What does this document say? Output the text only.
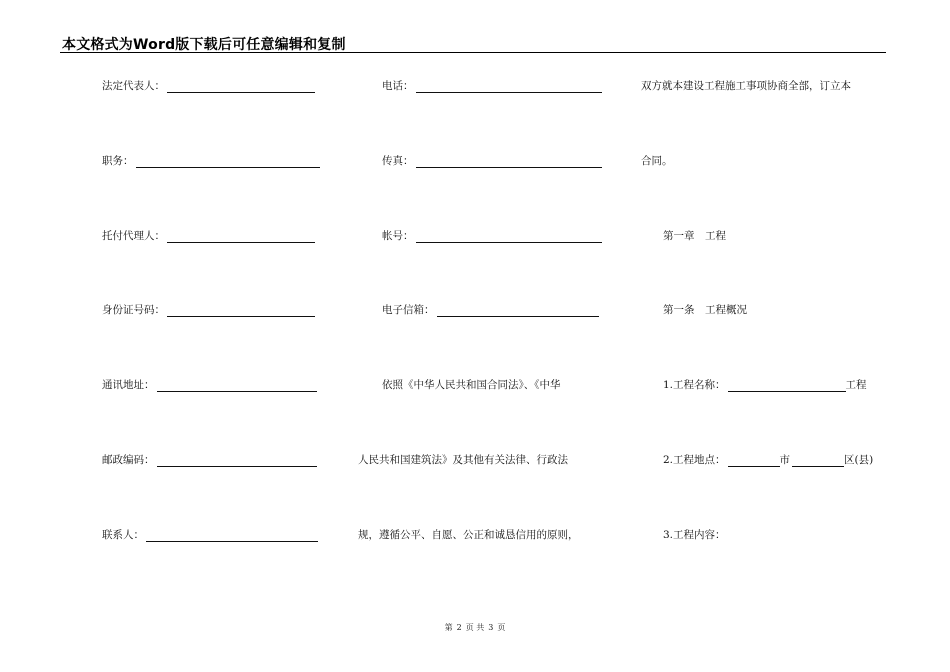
本文格式为Word版下载后可任意编辑和复制
法定代表人：
职务：
托付代理人：
身份证号码：
通讯地址：
邮政编码：
联系人：
电话：
传真：
帐号：
电子信箱：
依照《中华人民共和国合同法》、《中华
人民共和国建筑法》及其他有关法律、行政法
规，遵循公平、自愿、公正和诚恳信用的原则，
双方就本建设工程施工事项协商全部，订立本
合同。
第一章　工程
第一条　工程概况
1.工程名称：	工程
2.工程地点：	市	区(县)
3.工程内容：
第 2 页 共 3 页
